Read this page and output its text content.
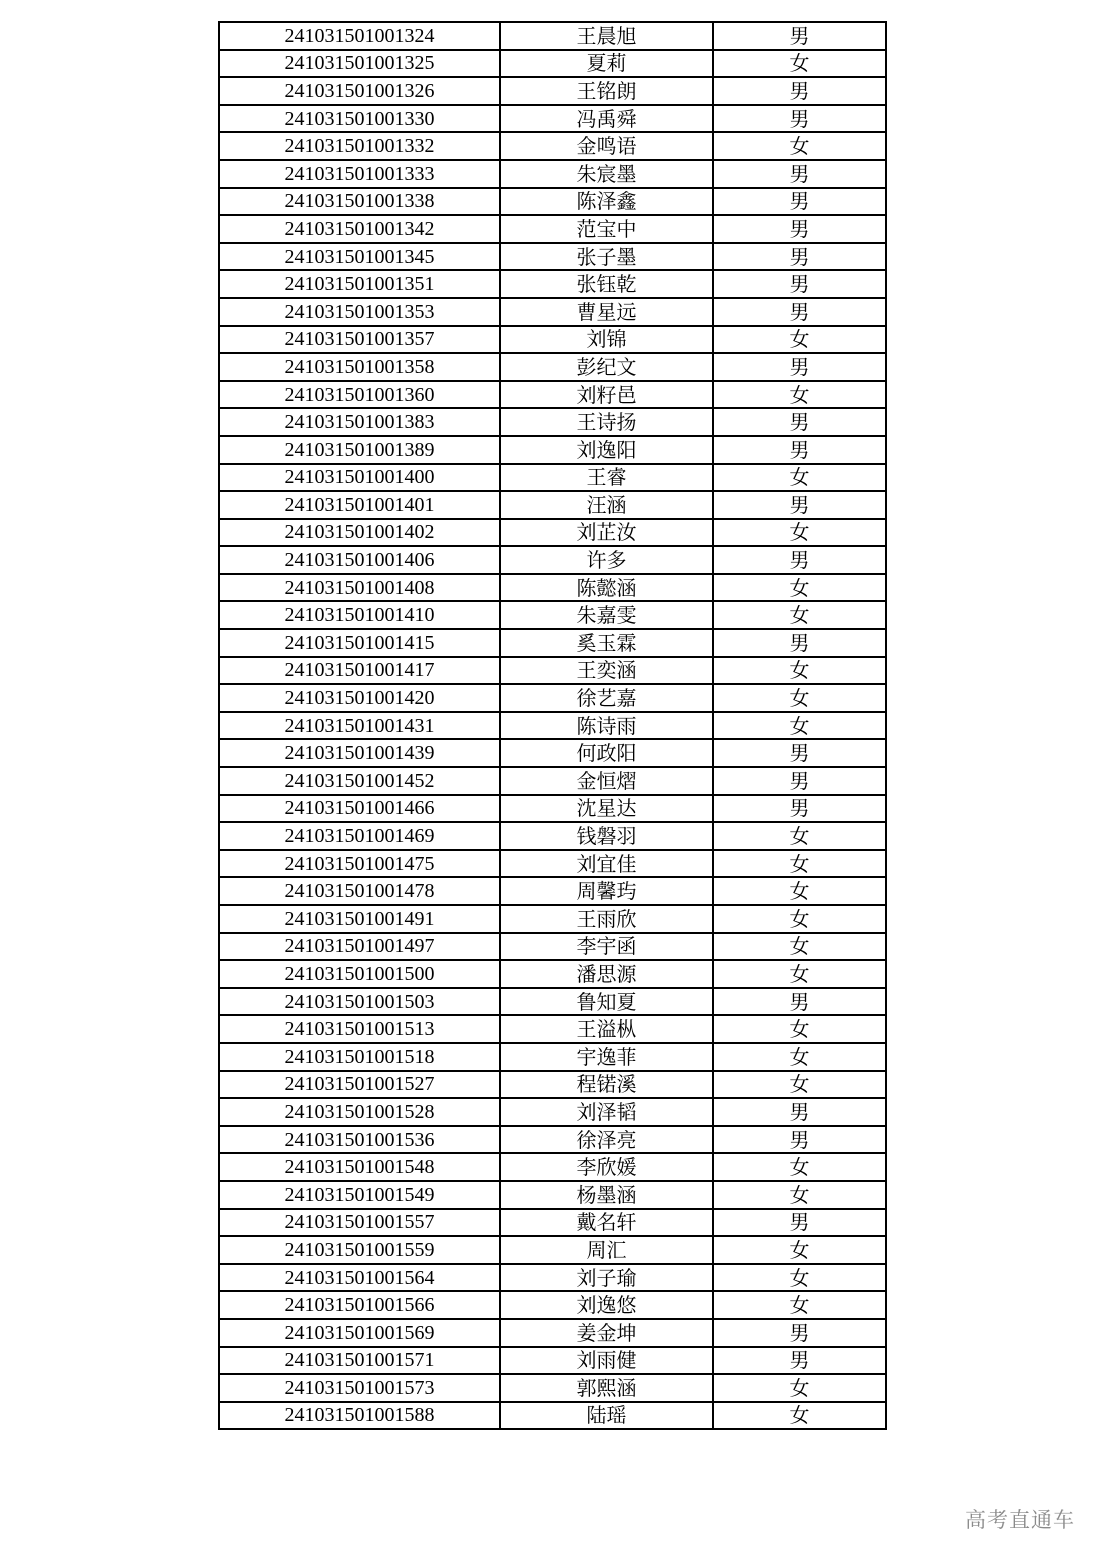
241031501001324	王晨旭	男
241031501001325	夏莉	女
241031501001326	王铭朗	男
241031501001330	冯禹舜	男
241031501001332	金鸣语	女
241031501001333	朱宸墨	男
241031501001338	陈泽鑫	男
241031501001342	范宝中	男
241031501001345	张子墨	男
241031501001351	张钰乾	男
241031501001353	曹星远	男
241031501001357	刘锦	女
241031501001358	彭纪文	男
241031501001360	刘籽邑	女
241031501001383	王诗扬	男
241031501001389	刘逸阳	男
241031501001400	王睿	女
241031501001401	汪涵	男
241031501001402	刘芷汝	女
241031501001406	许多	男
241031501001408	陈懿涵	女
241031501001410	朱嘉雯	女
241031501001415	奚玉霖	男
241031501001417	王奕涵	女
241031501001420	徐艺嘉	女
241031501001431	陈诗雨	女
241031501001439	何政阳	男
241031501001452	金恒熠	男
241031501001466	沈星达	男
241031501001469	钱磐羽	女
241031501001475	刘宜佳	女
241031501001478	周馨玙	女
241031501001491	王雨欣	女
241031501001497	李宇函	女
241031501001500	潘思源	女
241031501001503	鲁知夏	男
241031501001513	王溢枞	女
241031501001518	宇逸菲	女
241031501001527	程锘溪	女
241031501001528	刘泽韬	男
241031501001536	徐泽亮	男
241031501001548	李欣媛	女
241031501001549	杨墨涵	女
241031501001557	戴名轩	男
241031501001559	周汇	女
241031501001564	刘子瑜	女
241031501001566	刘逸悠	女
241031501001569	姜金坤	男
241031501001571	刘雨健	男
241031501001573	郭熙涵	女
241031501001588	陆瑶	女
高考直通车
